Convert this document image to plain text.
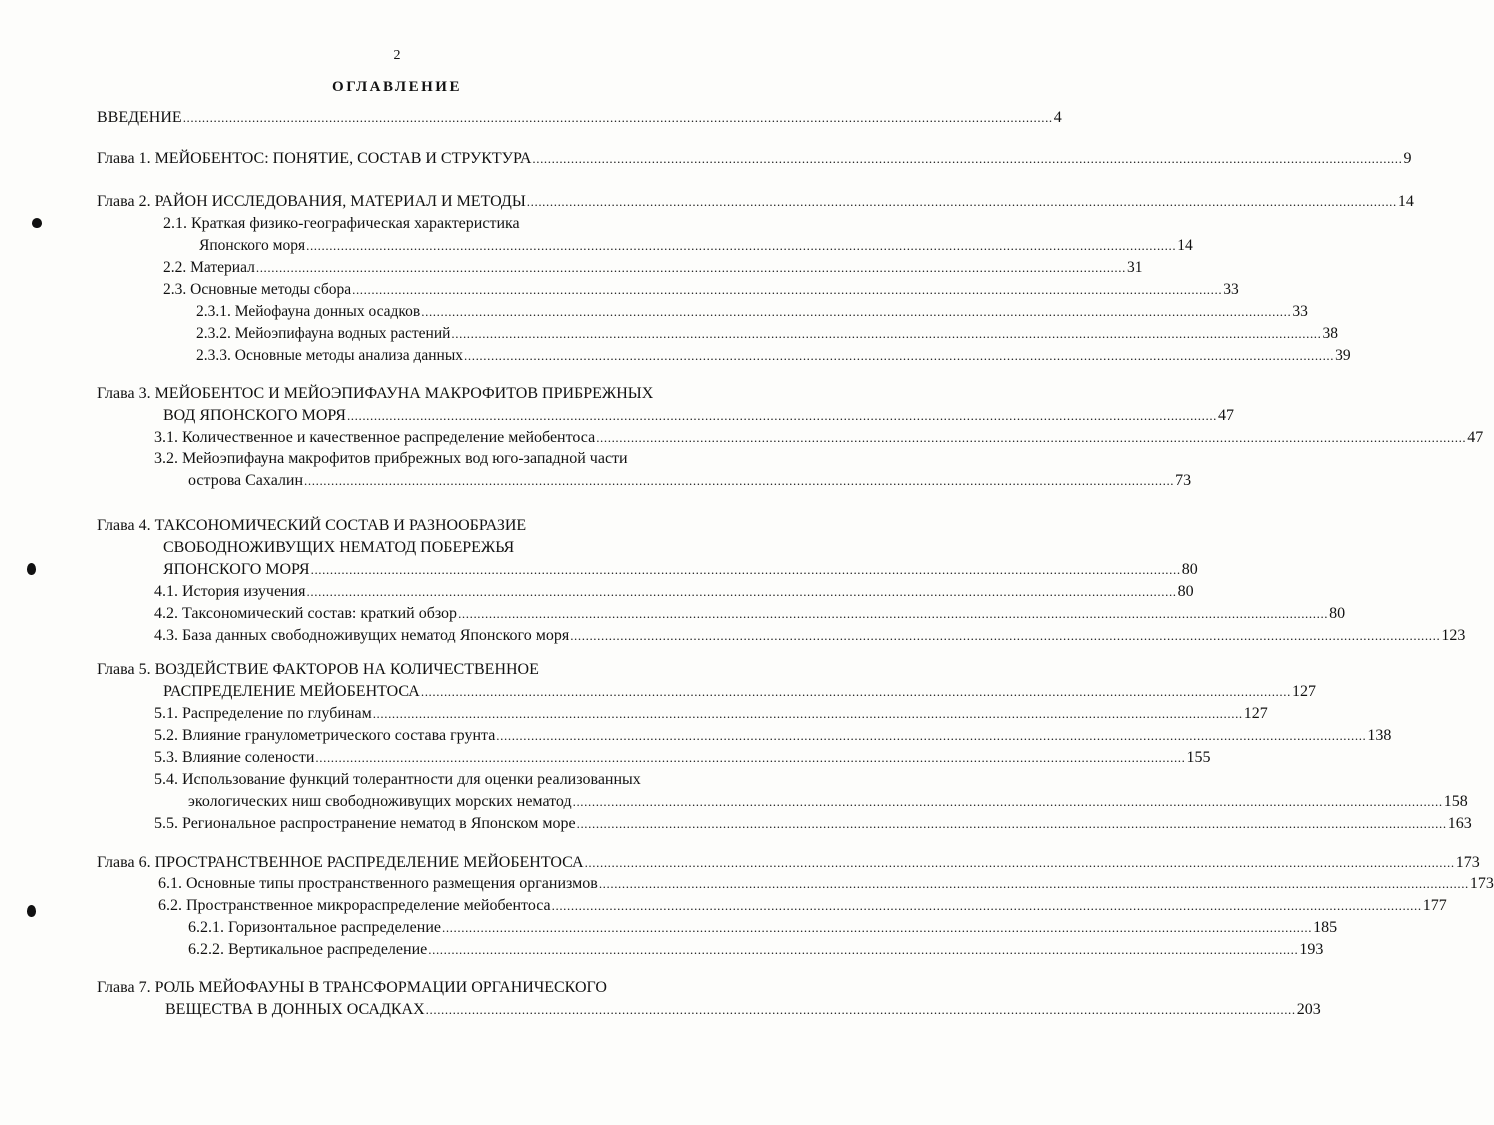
2
ОГЛАВЛЕНИЕ
ВВЕДЕНИЕ .................................................................................................................................................................................................................................. 4
Глава 1. МЕЙОБЕНТОС: ПОНЯТИЕ, СОСТАВ И СТРУКТУРА .................................................................................................................................................................................................................................. 9
Глава 2. РАЙОН ИССЛЕДОВАНИЯ, МАТЕРИАЛ И МЕТОДЫ .................................................................................................................................................................................................................................. 14
2.1. Краткая физико-географическая характеристика
Японского моря .................................................................................................................................................................................................................................. 14
2.2. Материал .................................................................................................................................................................................................................................. 31
2.3. Основные методы сбора .................................................................................................................................................................................................................................. 33
2.3.1. Мейофауна донных осадков .................................................................................................................................................................................................................................. 33
2.3.2. Мейоэпифауна водных растений .................................................................................................................................................................................................................................. 38
2.3.3. Основные методы анализа данных .................................................................................................................................................................................................................................. 39
Глава 3. МЕЙОБЕНТОС И МЕЙОЭПИФАУНА МАКРОФИТОВ ПРИБРЕЖНЫХ
ВОД ЯПОНСКОГО МОРЯ .................................................................................................................................................................................................................................. 47
3.1. Количественное и качественное распределение мейобентоса .................................................................................................................................................................................................................................. 47
3.2. Мейоэпифауна макрофитов прибрежных вод юго-западной части
острова Сахалин .................................................................................................................................................................................................................................. 73
Глава 4. ТАКСОНОМИЧЕСКИЙ СОСТАВ И РАЗНООБРАЗИЕ
СВОБОДНОЖИВУЩИХ НЕМАТОД ПОБЕРЕЖЬЯ
ЯПОНСКОГО МОРЯ .................................................................................................................................................................................................................................. 80
4.1. История изучения .................................................................................................................................................................................................................................. 80
4.2. Таксономический состав: краткий обзор .................................................................................................................................................................................................................................. 80
4.3. База данных свободноживущих нематод Японского моря .................................................................................................................................................................................................................................. 123
Глава 5. ВОЗДЕЙСТВИЕ ФАКТОРОВ НА КОЛИЧЕСТВЕННОЕ
РАСПРЕДЕЛЕНИЕ МЕЙОБЕНТОСА .................................................................................................................................................................................................................................. 127
5.1. Распределение по глубинам .................................................................................................................................................................................................................................. 127
5.2. Влияние гранулометрического состава грунта .................................................................................................................................................................................................................................. 138
5.3. Влияние солености .................................................................................................................................................................................................................................. 155
5.4. Использование функций толерантности для оценки реализованных
экологических ниш свободноживущих морских нематод .................................................................................................................................................................................................................................. 158
5.5. Региональное распространение нематод в Японском море .................................................................................................................................................................................................................................. 163
Глава 6. ПРОСТРАНСТВЕННОЕ РАСПРЕДЕЛЕНИЕ МЕЙОБЕНТОСА .................................................................................................................................................................................................................................. 173
6.1. Основные типы пространственного размещения организмов .................................................................................................................................................................................................................................. 173
6.2. Пространственное микрораспределение мейобентоса .................................................................................................................................................................................................................................. 177
6.2.1. Горизонтальное распределение .................................................................................................................................................................................................................................. 185
6.2.2. Вертикальное распределение .................................................................................................................................................................................................................................. 193
Глава 7. РОЛЬ МЕЙОФАУНЫ В ТРАНСФОРМАЦИИ ОРГАНИЧЕСКОГО
ВЕЩЕСТВА В ДОННЫХ ОСАДКАХ .................................................................................................................................................................................................................................. 203
